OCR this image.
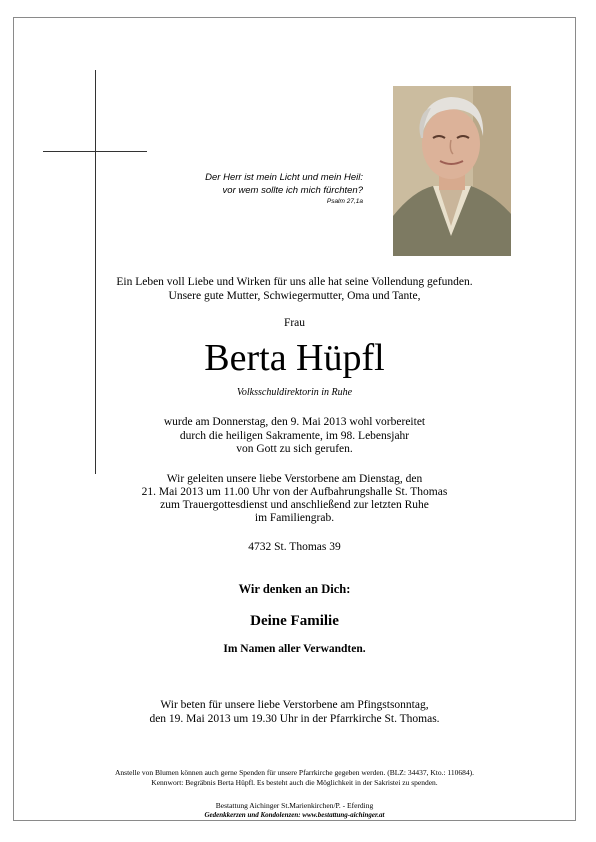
Der Herr ist mein Licht und mein Heil:
vor wem sollte ich mich fürchten?
Psalm 27,1a
Ein Leben voll Liebe und Wirken für uns alle hat seine Vollendung gefunden.
Unsere gute Mutter, Schwiegermutter, Oma und Tante,
Frau
Berta Hüpfl
Volksschuldirektorin in Ruhe
wurde am Donnerstag, den 9. Mai 2013 wohl vorbereitet
durch die heiligen Sakramente, im 98. Lebensjahr
von Gott zu sich gerufen.
Wir geleiten unsere liebe Verstorbene am Dienstag, den
21. Mai 2013 um 11.00 Uhr von der Aufbahrungshalle St. Thomas
zum Trauergottesdienst und anschließend zur letzten Ruhe
im Familiengrab.
4732 St. Thomas 39
Wir denken an Dich:
Deine Familie
Im Namen aller Verwandten.
Wir beten für unsere liebe Verstorbene am Pfingstsonntag,
den 19. Mai 2013 um 19.30 Uhr in der Pfarrkirche St. Thomas.
Anstelle von Blumen können auch gerne Spenden für unsere Pfarrkirche gegeben werden. (BLZ: 34437, Kto.: 110684).
Kennwort: Begräbnis Berta Hüpfl. Es besteht auch die Möglichkeit in der Sakristei zu spenden.
Bestattung Aichinger St.Marienkirchen/P. - Eferding
Gedenkkerzen und Kondolenzen: www.bestattung-aichinger.at
